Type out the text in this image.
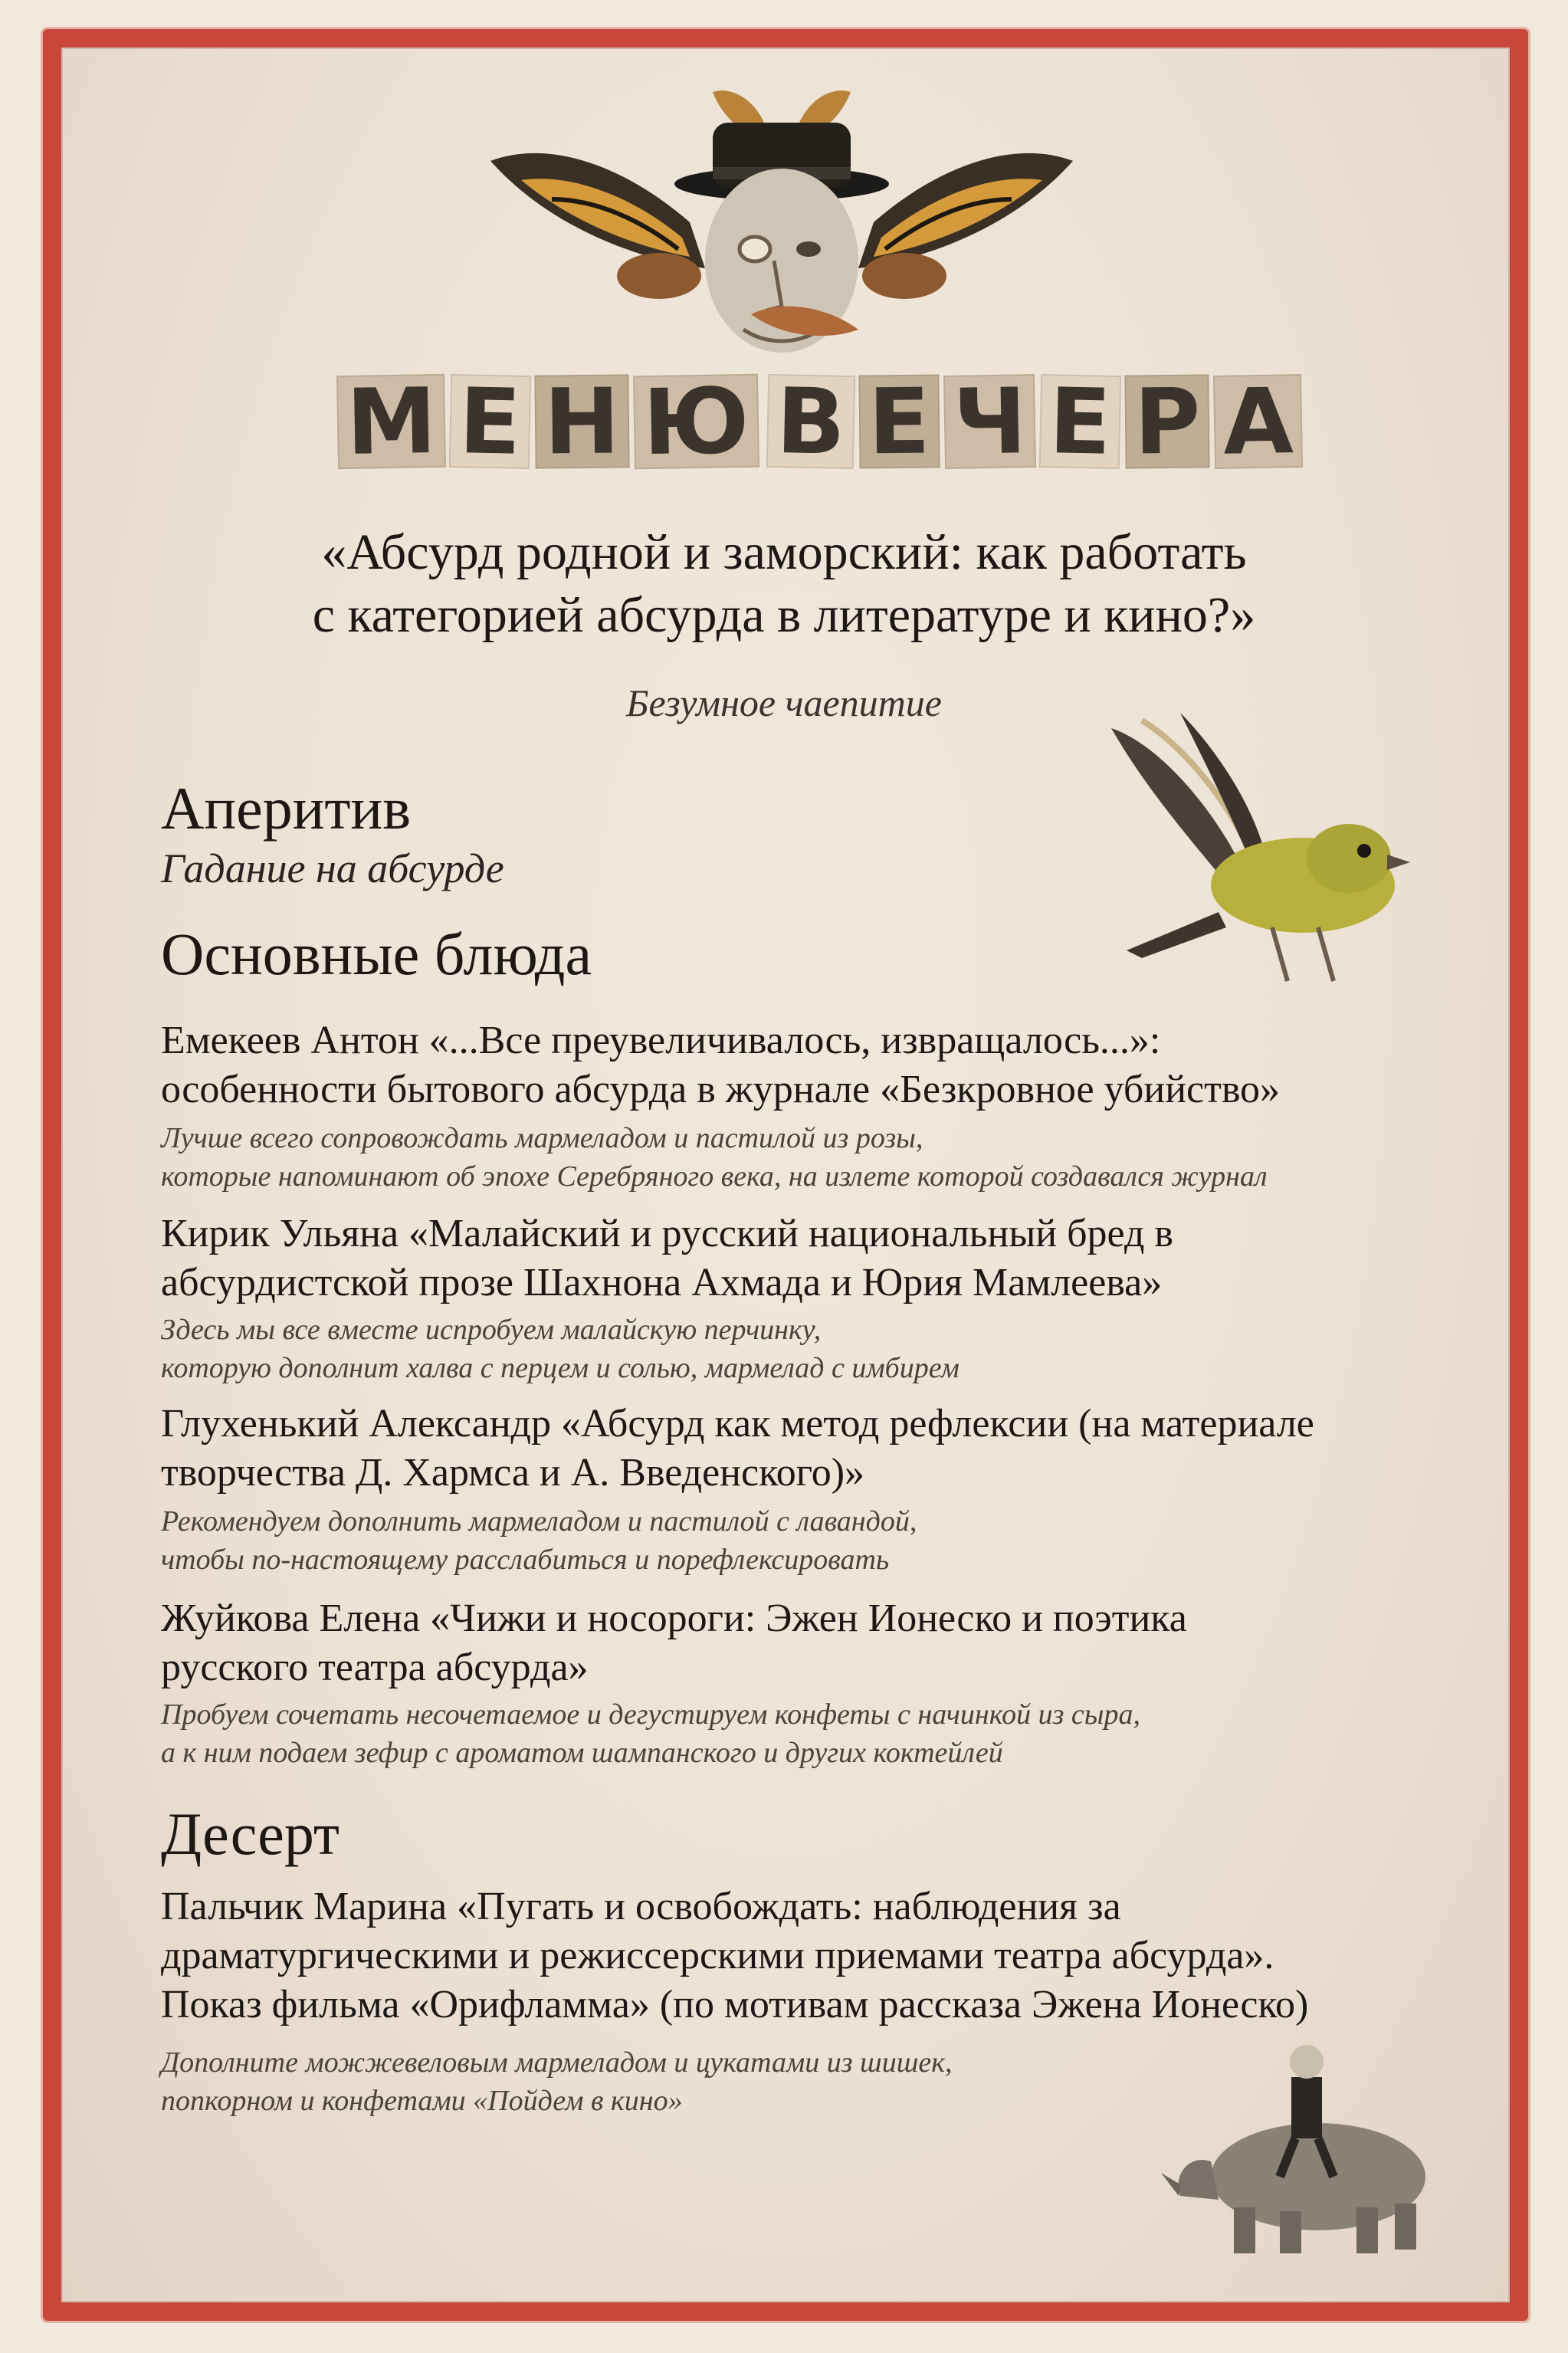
М Е Н Ю В Е Ч Е Р А
«Абсурд родной и заморский: как работать
с категорией абсурда в литературе и кино?»
Безумное чаепитие
Аперитив
Гадание на абсурде
Основные блюда
Емекеев Антон «...Все преувеличивалось, извращалось...»:
особенности бытового абсурда в журнале «Безкровное убийство»
Лучше всего сопровождать мармеладом и пастилой из розы,
которые напоминают об эпохе Серебряного века, на излете которой создавался журнал
Кирик Ульяна «Малайский и русский национальный бред в
абсурдистской прозе Шахнона Ахмада и Юрия Мамлеева»
Здесь мы все вместе испробуем малайскую перчинку,
которую дополнит халва с перцем и солью, мармелад с имбирем
Глухенький Александр «Абсурд как метод рефлексии (на материале
творчества Д. Хармса и А. Введенского)»
Рекомендуем дополнить мармеладом и пастилой с лавандой,
чтобы по-настоящему расслабиться и порефлексировать
Жуйкова Елена «Чижи и носороги: Эжен Ионеско и поэтика
русского театра абсурда»
Пробуем сочетать несочетаемое и дегустируем конфеты с начинкой из сыра,
а к ним подаем зефир с ароматом шампанского и других коктейлей
Десерт
Пальчик Марина «Пугать и освобождать: наблюдения за
драматургическими и режиссерскими приемами театра абсурда».
Показ фильма «Орифламма» (по мотивам рассказа Эжена Ионеско)
Дополните можжевеловым мармеладом и цукатами из шишек,
попкорном и конфетами «Пойдем в кино»
